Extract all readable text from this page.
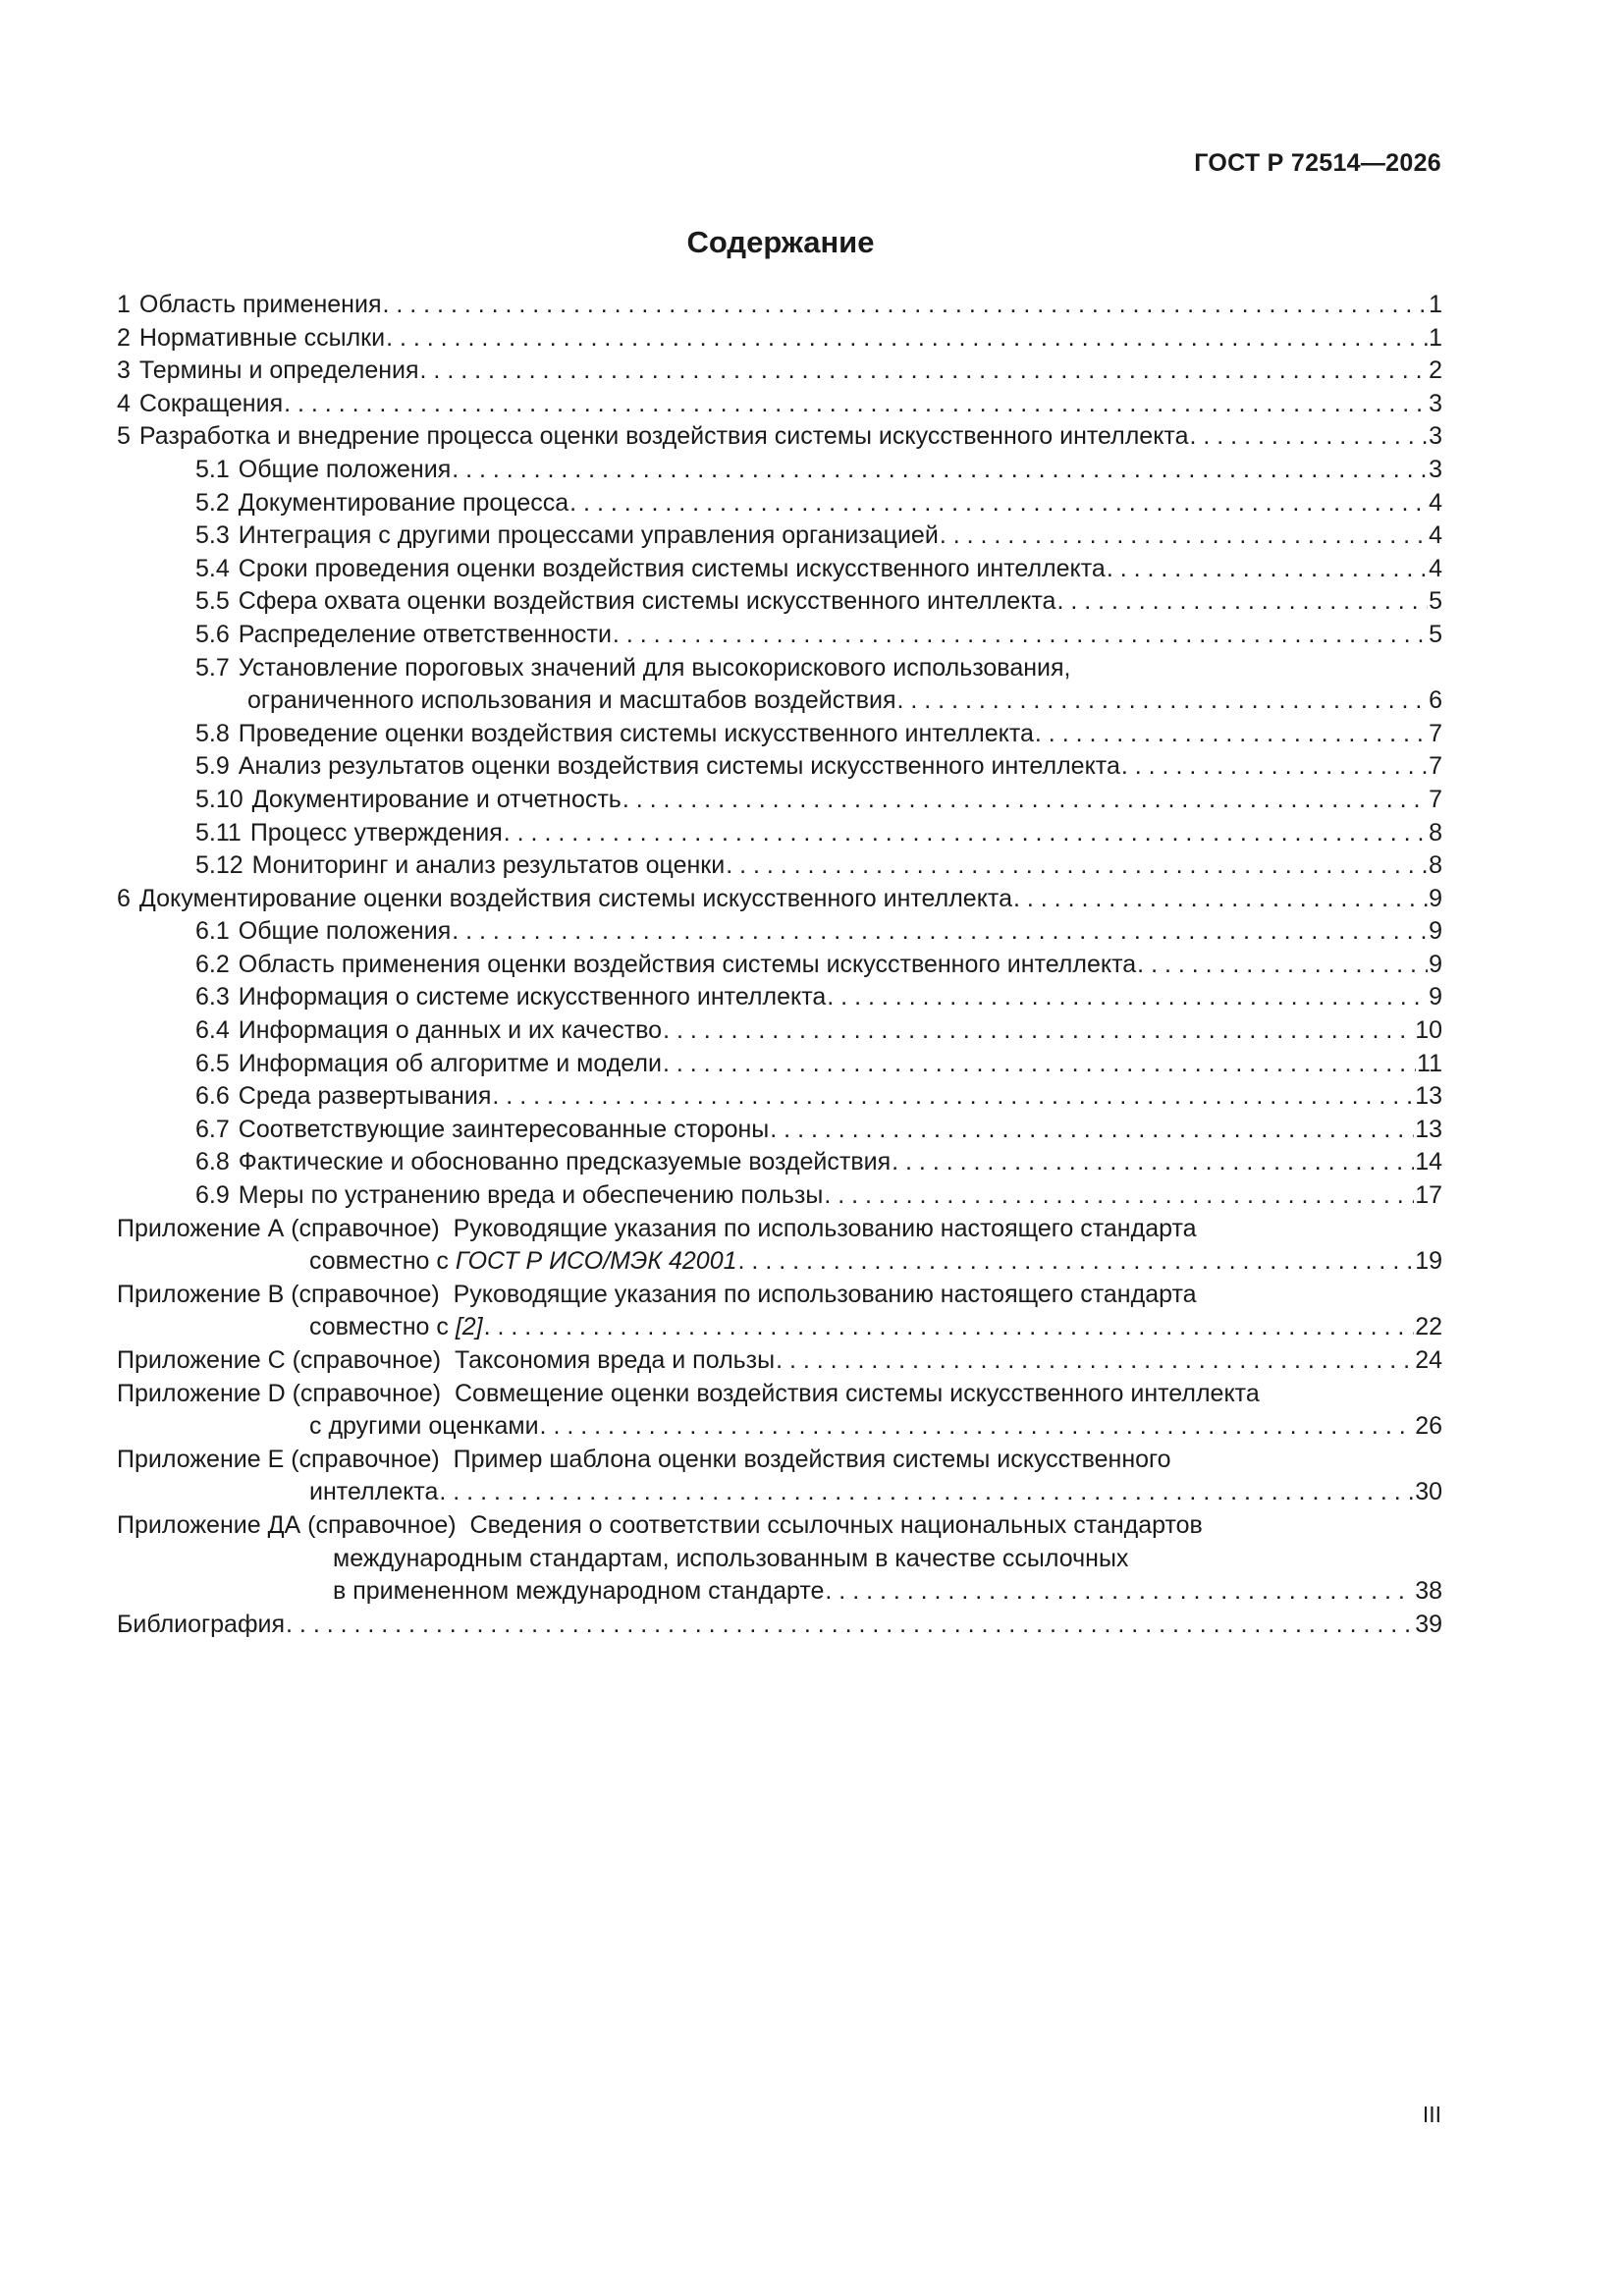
ГОСТ Р 72514—2026
Содержание
1 Область применения . . .	1
2 Нормативные ссылки . . .	1
3 Термины и определения . . .	2
4 Сокращения . . .	3
5 Разработка и внедрение процесса оценки воздействия системы искусственного интеллекта . . .	3
5.1 Общие положения . . .	3
5.2 Документирование процесса . . .	4
5.3 Интеграция с другими процессами управления организацией . . .	4
5.4 Сроки проведения оценки воздействия системы искусственного интеллекта . . .	4
5.5 Сфера охвата оценки воздействия системы искусственного интеллекта . . .	5
5.6 Распределение ответственности . . .	5
5.7 Установление пороговых значений для высокорискового использования,
ограниченного использования и масштабов воздействия . . .	6
5.8 Проведение оценки воздействия системы искусственного интеллекта . . .	7
5.9 Анализ результатов оценки воздействия системы искусственного интеллекта . . .	7
5.10 Документирование и отчетность . . .	7
5.11 Процесс утверждения . . .	8
5.12 Мониторинг и анализ результатов оценки . . .	8
6 Документирование оценки воздействия системы искусственного интеллекта . . .	9
6.1 Общие положения . . .	9
6.2 Область применения оценки воздействия системы искусственного интеллекта . . .	9
6.3 Информация о системе искусственного интеллекта . . .	9
6.4 Информация о данных и их качество . . .	10
6.5 Информация об алгоритме и модели . . .	11
6.6 Среда развертывания . . .	13
6.7 Соответствующие заинтересованные стороны . . .	13
6.8 Фактические и обоснованно предсказуемые воздействия . . .	14
6.9 Меры по устранению вреда и обеспечению пользы . . .	17
Приложение А (справочное) Руководящие указания по использованию настоящего стандарта
совместно с ГОСТ Р ИСО/МЭК 42001 . . .	19
Приложение B (справочное) Руководящие указания по использованию настоящего стандарта
совместно с [2] . . .	22
Приложение C (справочное) Таксономия вреда и пользы . . .	24
Приложение D (справочное) Совмещение оценки воздействия системы искусственного интеллекта
с другими оценками . . .	26
Приложение E (справочное) Пример шаблона оценки воздействия системы искусственного
интеллекта . . .	30
Приложение ДА (справочное) Сведения о соответствии ссылочных национальных стандартов
международным стандартам, использованным в качестве ссылочных
в примененном международном стандарте . . .	38
Библиография . . .	39
III
